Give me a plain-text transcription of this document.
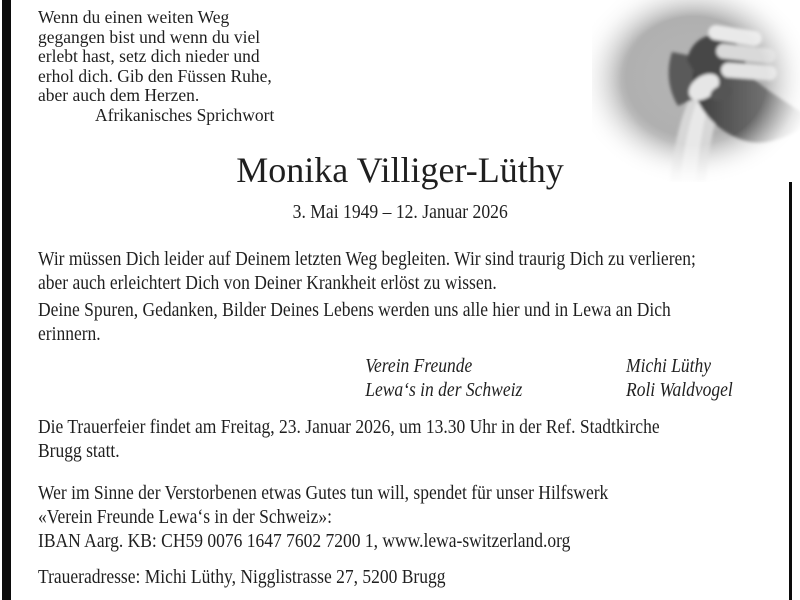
Wenn du einen weiten Weg
gegangen bist und wenn du viel
erlebt hast, setz dich nieder und
erhol dich. Gib den Füssen Ruhe,
aber auch dem Herzen.
Afrikanisches Sprichwort
Monika Villiger-Lüthy
3. Mai 1949 – 12. Januar 2026
Wir müssen Dich leider auf Deinem letzten Weg begleiten. Wir sind traurig Dich zu verlieren;
aber auch erleichtert Dich von Deiner Krankheit erlöst zu wissen.
Deine Spuren, Gedanken, Bilder Deines Lebens werden uns alle hier und in Lewa an Dich
erinnern.
Verein Freunde
Lewa‘s in der Schweiz
Michi Lüthy
Roli Waldvogel
Die Trauerfeier findet am Freitag, 23. Januar 2026, um 13.30 Uhr in der Ref. Stadtkirche
Brugg statt.
Wer im Sinne der Verstorbenen etwas Gutes tun will, spendet für unser Hilfswerk
«Verein Freunde Lewa‘s in der Schweiz»:
IBAN Aarg. KB: CH59 0076 1647 7602 7200 1, www.lewa-switzerland.org
Traueradresse: Michi Lüthy, Nigglistrasse 27, 5200 Brugg
